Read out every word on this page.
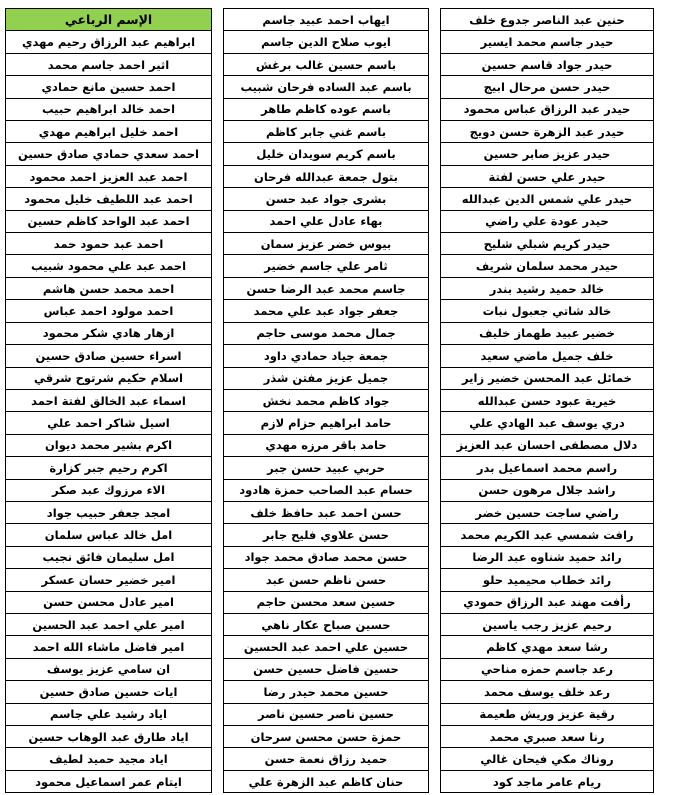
حنين عبد الناصر جدوع خلف		ايهاب احمد عبيد جاسم		الإسم الرباعي
حيدر جاسم محمد ايسير		ايوب صلاح الدين جاسم		ابراهيم عبد الرزاق رحيم مهدي
حيدر جواد قاسم حسين		باسم حسين غالب برغش		اثير احمد جاسم محمد
حيدر حسن مرحال ابيج		باسم عبد الساده فرحان شبيب		احمد حسين مانع حمادي
حيدر عبد الرزاق عباس محمود		باسم عوده كاظم طاهر		احمد خالد ابراهيم حبيب
حيدر عبد الزهرة حسن دويج		باسم غني جابر كاظم		احمد خليل ابراهيم مهدي
حيدر عزيز صابر حسين		باسم كريم سويدان خليل		احمد سعدي حمادي صادق حسين
حيدر علي حسن لفتة		بتول جمعة عبدالله فرحان		احمد عبد العزيز احمد محمود
حيدر علي شمس الدين عبدالله		بشرى جواد عبد حسن		احمد عبد اللطيف خليل محمود
حيدر عودة علي راضي		بهاء عادل علي احمد		احمد عبد الواحد كاظم حسين
حيدر كريم شبلي شليح		بيوس خضر عزيز سمان		احمد عبد حمود حمد
حيدر محمد سلمان شريف		ثامر علي جاسم خضير		احمد عبد علي محمود شبيب
خالد حميد رشيد بندر		جاسم محمد عبد الرضا حسن		احمد محمد حسن هاشم
خالد شاتي جعبول نبات		جعفر جواد عبد علي محمد		احمد مولود احمد عباس
خضير عبيد طهماز خليف		جمال محمد موسى حاجم		ازهار هادي شكر محمود
خلف جميل ماضي سعيد		جمعة جياد حمادي داود		اسراء حسين صادق حسين
خمائل عبد المحسن خضير زاير		جميل عزيز مفتن شذر		اسلام حكيم شرتوح شرقي
خيرية عبود حسن عبدالله		جواد كاظم محمد نخش		اسماء عبد الخالق لفتة احمد
دري يوسف عبد الهادي علي		حامد ابراهيم حزام لازم		اسيل شاكر احمد علي
دلال مصطفى احسان عبد العزيز		حامد باقر مرزه مهدي		اكرم بشير محمد ديوان
راسم محمد اسماعيل بدر		حربي عبيد حسن جبر		اكرم رحيم جبر كزارة
راشد جلال مرهون حسن		حسام عبد الصاحب حمزة هادود		الاء مرزوك عبد صكر
راضي ساجت حسين خضر		حسن احمد عبد حافظ خلف		امجد جعفر حبيب جواد
رافت شمسي عبد الكريم محمد		حسن علاوي فليح جابر		امل خالد عباس سلمان
رائد حميد شناوه عبد الرضا		حسن محمد صادق محمد جواد		امل سليمان فائق نجيب
رائد خطاب محيميد حلو		حسن ناظم حسن عبد		امير خضير حسان عسكر
رأفت مهند عبد الرزاق حمودي		حسين سعد محسن حاجم		امير عادل محسن حسن
رحيم عزيز رجب ياسين		حسين صباح عكار ناهي		امير علي احمد عبد الحسين
رشا سعد مهدي كاظم		حسين علي احمد عبد الحسين		امير فاضل ماشاء الله احمد
رعد جاسم حمزه مناحي		حسين فاضل حسين حسن		ان سامي عزيز يوسف
رعد خلف يوسف محمد		حسين محمد حيدر رضا		ايات حسين صادق حسين
رقية عزيز وريش طعيمة		حسين ناصر حسين ناصر		اياد رشيد علي جاسم
رنا سعد صبري محمد		حمزة حسن محسن سرحان		اياد طارق عبد الوهاب حسين
روناك مكي فيحان غالي		حميد رزاق نعمة حسن		اياد مجيد حميد لطيف
ريام عامر ماجد كود		حنان كاظم عبد الزهرة علي		ايتام عمر اسماعيل محمود
